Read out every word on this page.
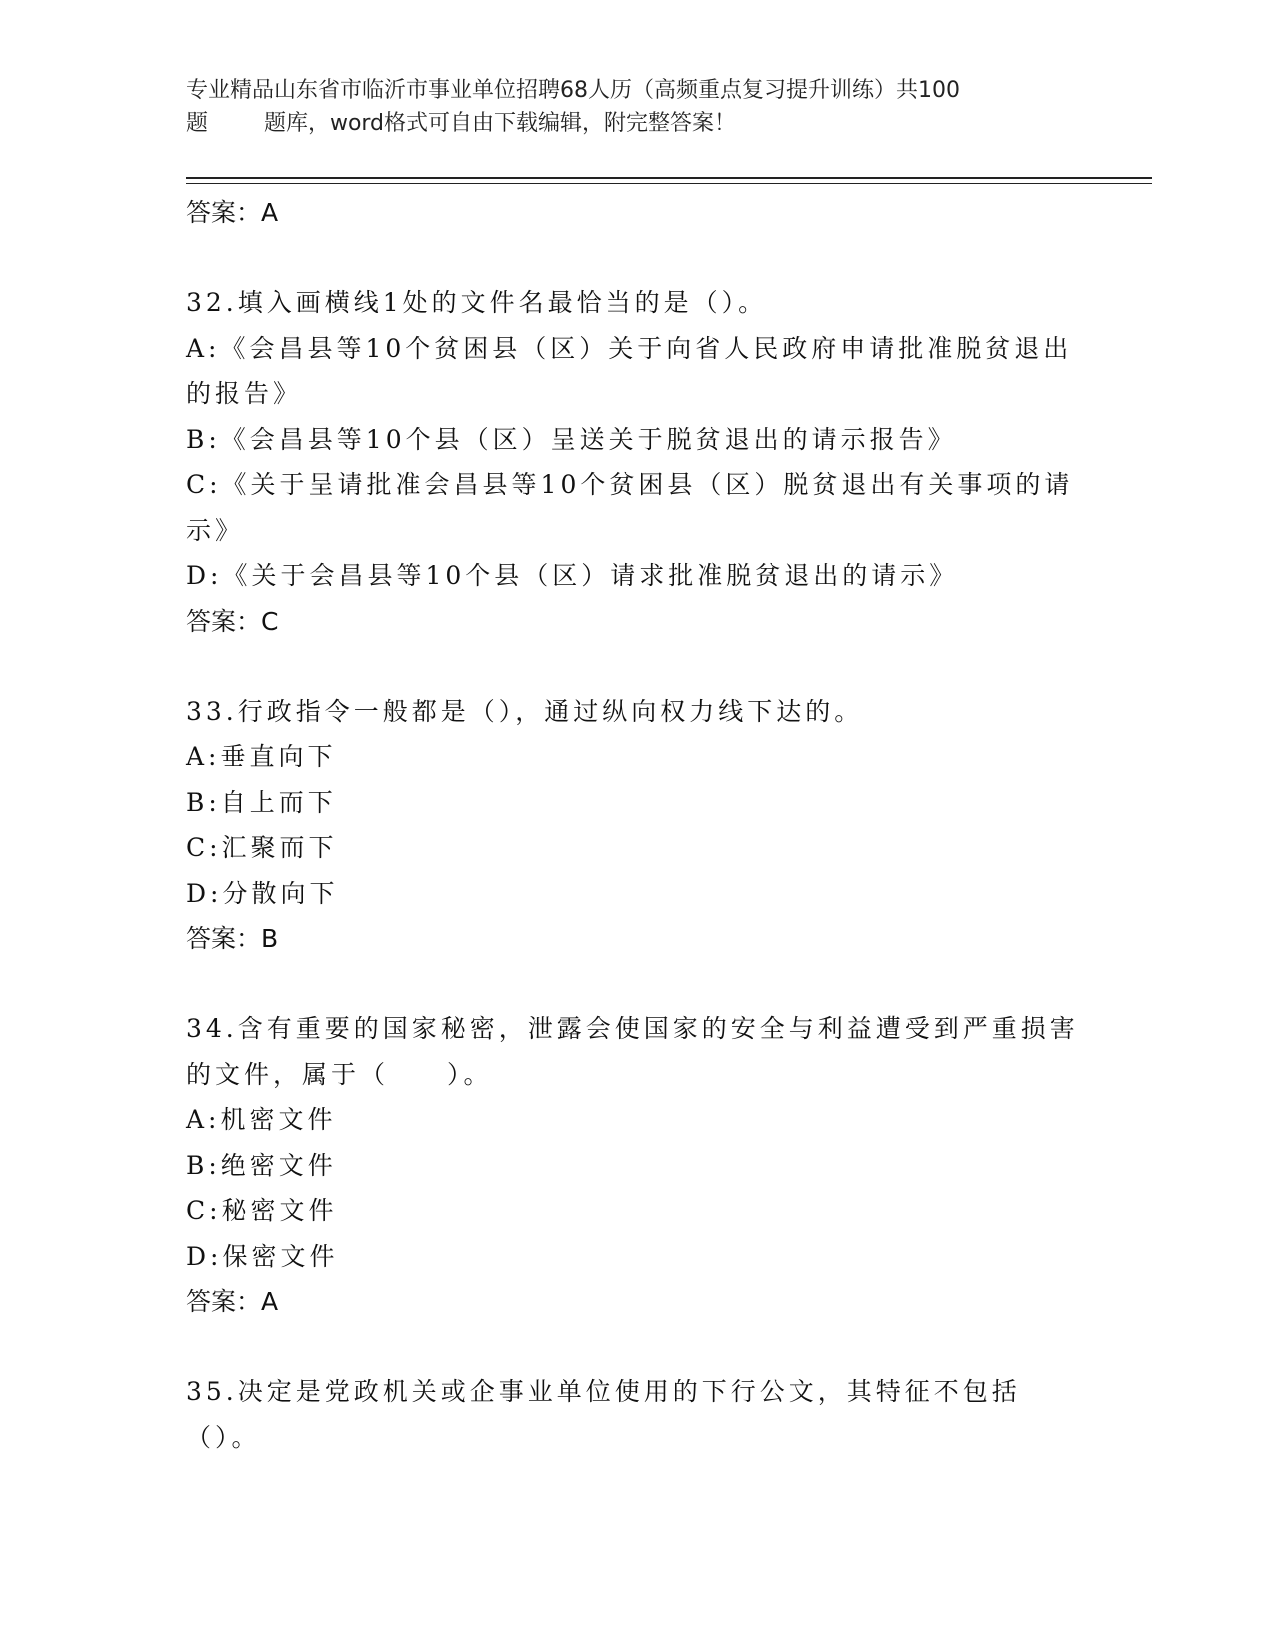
专业精品山东省市临沂市事业单位招聘68人历（高频重点复习提升训练）共100
题        题库，word格式可自由下载编辑，附完整答案！

答案：A

32.填入画横线1处的文件名最恰当的是（）。

A:《会昌县等10个贫困县（区）关于向省人民政府申请批准脱贫退出的报告》

B:《会昌县等10个县（区）呈送关于脱贫退出的请示报告》

C:《关于呈请批准会昌县等10个贫困县（区）脱贫退出有关事项的请示》

D:《关于会昌县等10个县（区）请求批准脱贫退出的请示》

答案：C

33.行政指令一般都是（），通过纵向权力线下达的。

A:垂直向下

B:自上而下

C:汇聚而下

D:分散向下

答案：B

34.含有重要的国家秘密，泄露会使国家的安全与利益遭受到严重损害的文件，属于（　　）。

A:机密文件

B:绝密文件

C:秘密文件

D:保密文件

答案：A

35.决定是党政机关或企事业单位使用的下行公文，其特征不包括（）。
